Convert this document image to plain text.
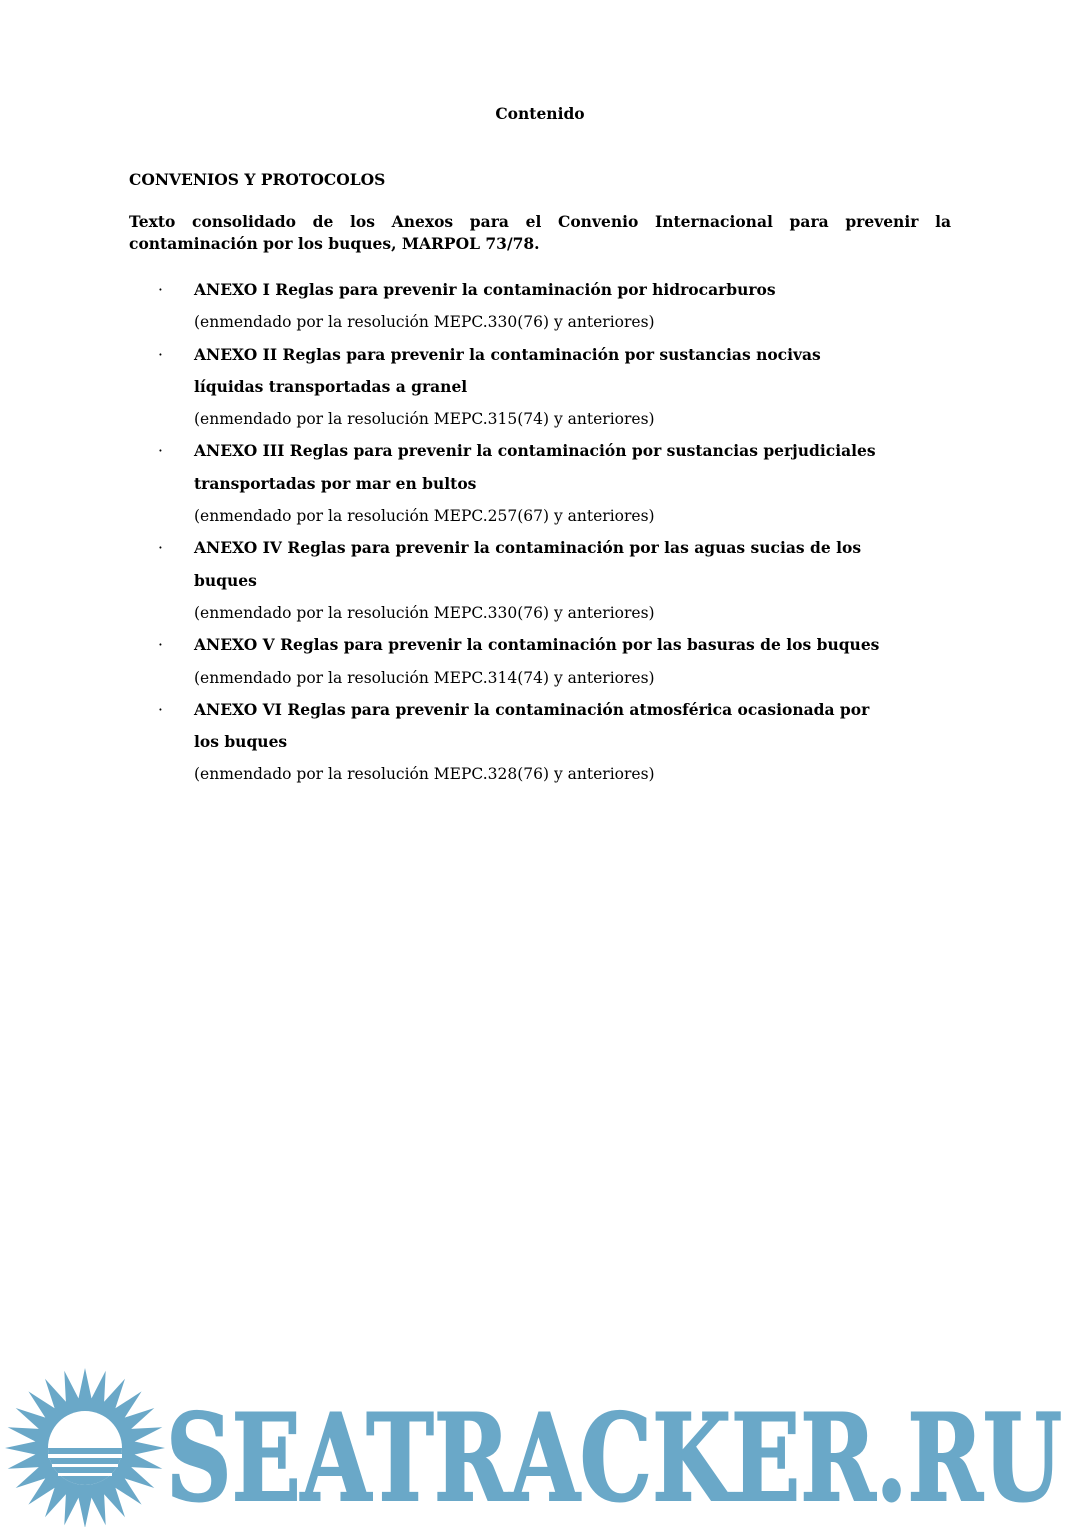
Contenido
CONVENIOS Y PROTOCOLOS
Texto consolidado de los Anexos para el Convenio Internacional para prevenir la contaminación por los buques, MARPOL 73/78.
· ANEXO I Reglas para prevenir la contaminación por hidrocarburos
(enmendado por la resolución MEPC.330(76) y anteriores)
· ANEXO II Reglas para prevenir la contaminación por sustancias nocivas líquidas transportadas a granel
(enmendado por la resolución MEPC.315(74) y anteriores)
· ANEXO III Reglas para prevenir la contaminación por sustancias perjudiciales transportadas por mar en bultos
(enmendado por la resolución MEPC.257(67) y anteriores)
· ANEXO IV Reglas para prevenir la contaminación por las aguas sucias de los buques
(enmendado por la resolución MEPC.330(76) y anteriores)
· ANEXO V Reglas para prevenir la contaminación por las basuras de los buques
(enmendado por la resolución MEPC.314(74) y anteriores)
· ANEXO VI Reglas para prevenir la contaminación atmosférica ocasionada por los buques
(enmendado por la resolución MEPC.328(76) y anteriores)
SEATRACKER.RU
